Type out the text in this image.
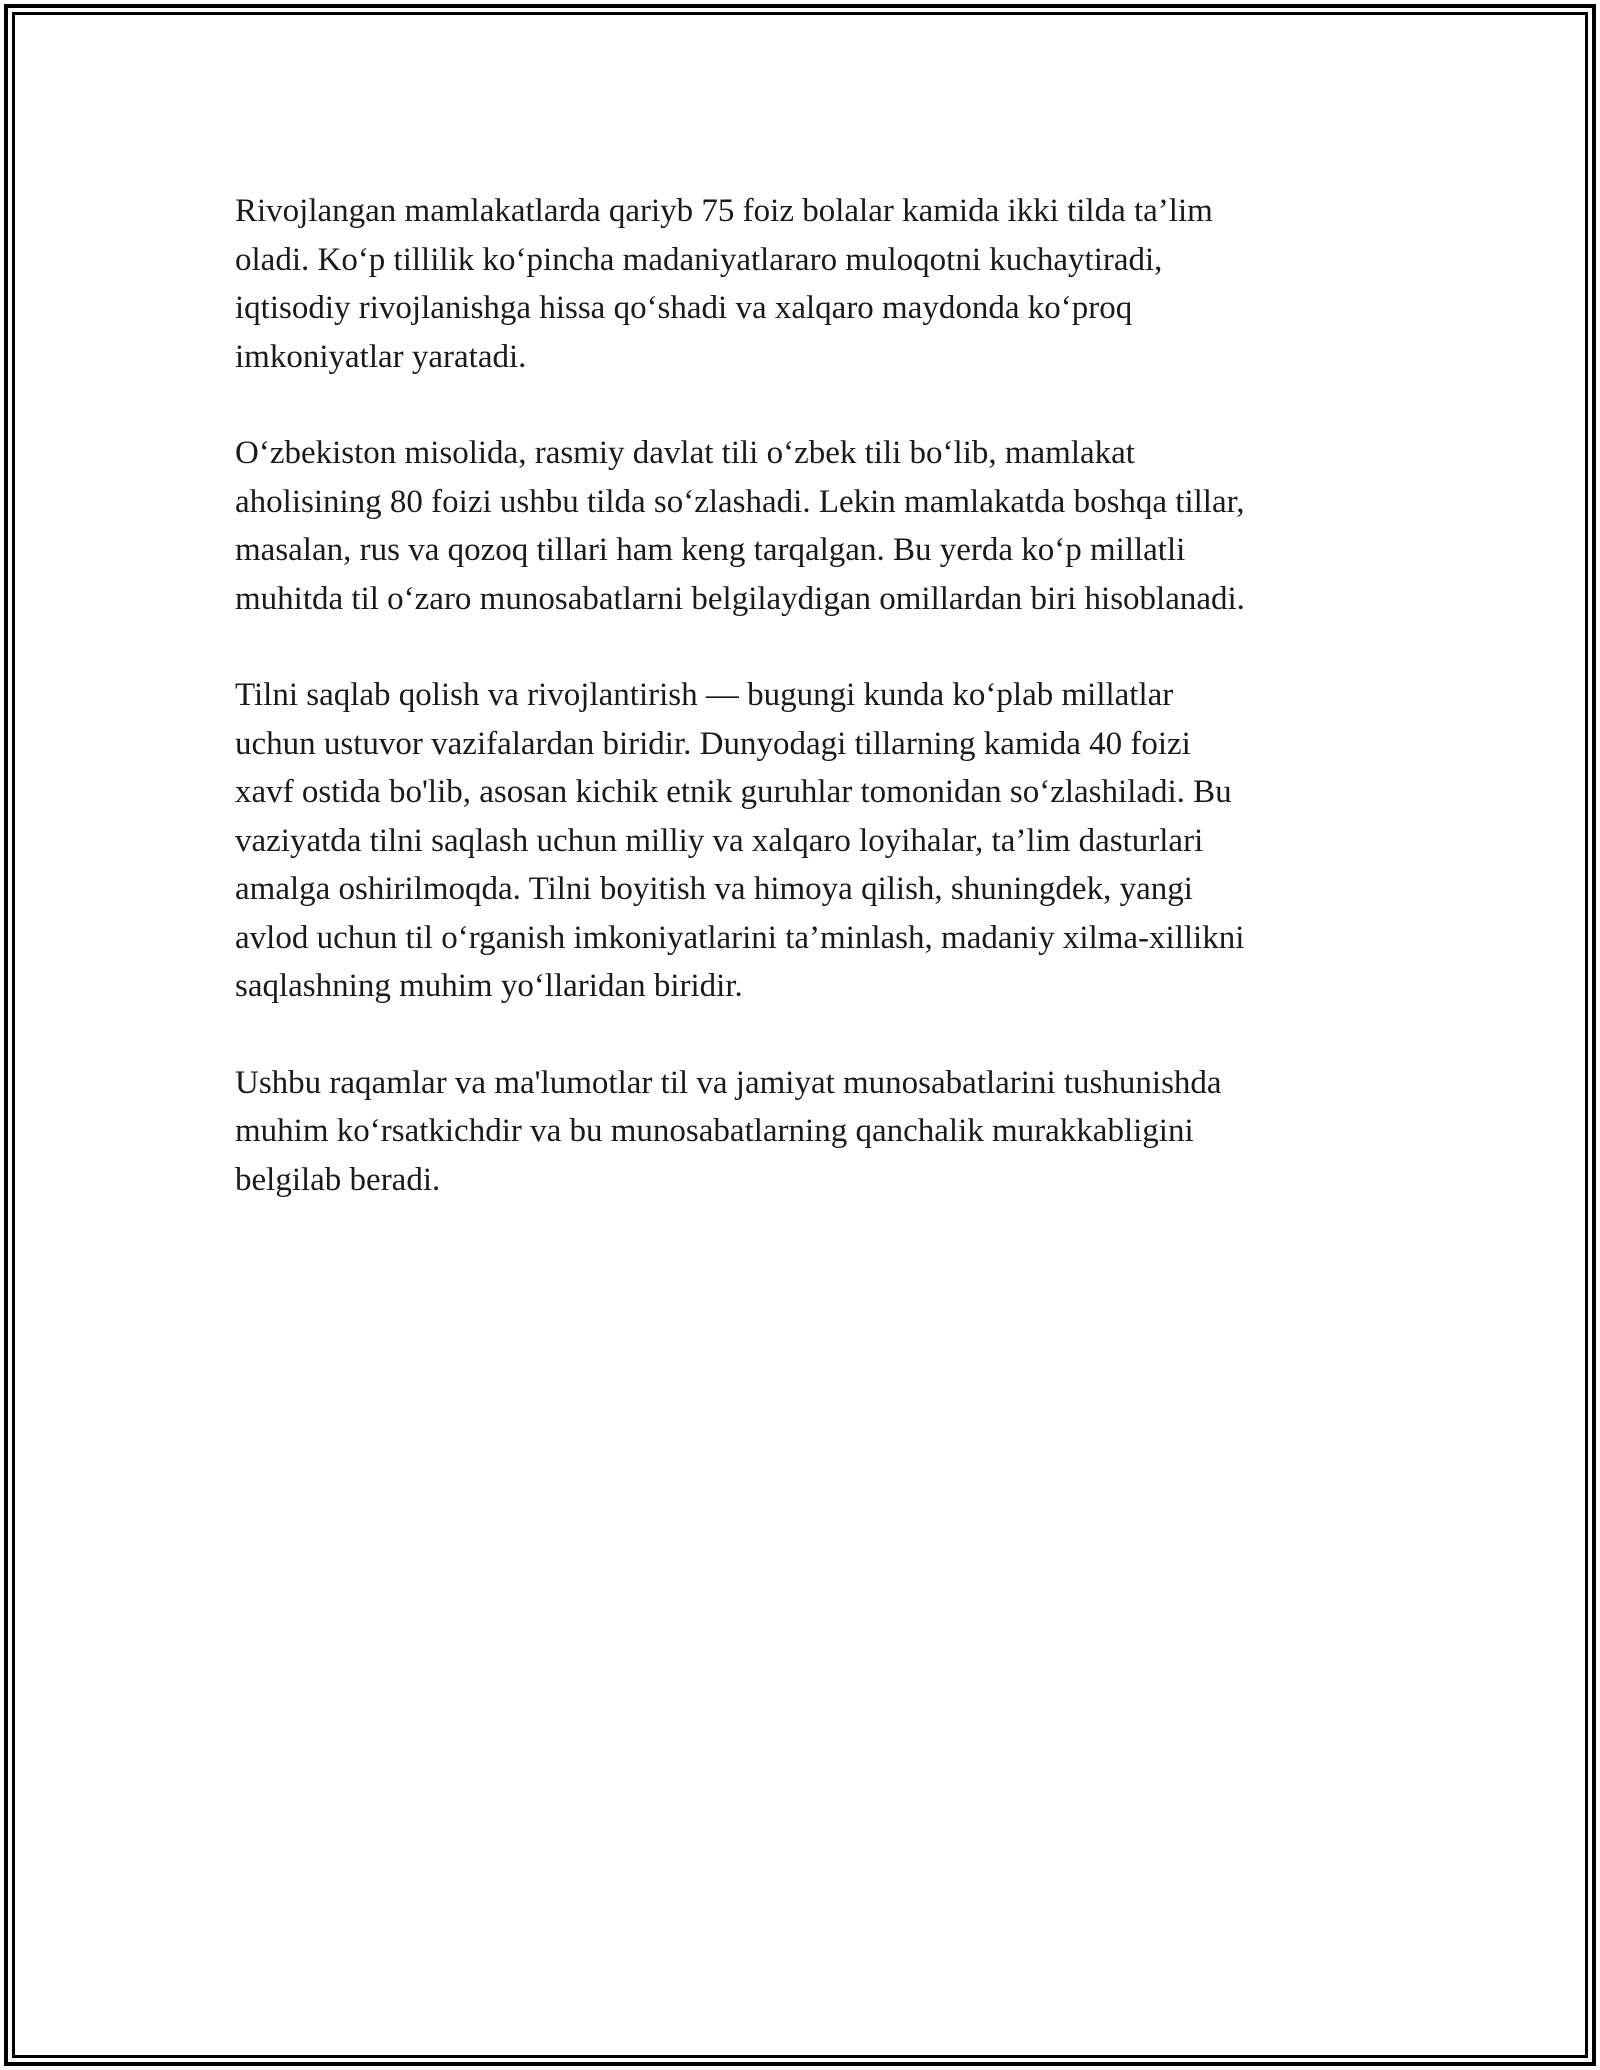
Rivojlangan mamlakatlarda qariyb 75 foiz bolalar kamida ikki tilda ta’lim
oladi. Ko‘p tillilik ko‘pincha madaniyatlararo muloqotni kuchaytiradi,
iqtisodiy rivojlanishga hissa qo‘shadi va xalqaro maydonda ko‘proq
imkoniyatlar yaratadi.

O‘zbekiston misolida, rasmiy davlat tili o‘zbek tili bo‘lib, mamlakat
aholisining 80 foizi ushbu tilda so‘zlashadi. Lekin mamlakatda boshqa tillar,
masalan, rus va qozoq tillari ham keng tarqalgan. Bu yerda ko‘p millatli
muhitda til o‘zaro munosabatlarni belgilaydigan omillardan biri hisoblanadi.

Tilni saqlab qolish va rivojlantirish — bugungi kunda ko‘plab millatlar
uchun ustuvor vazifalardan biridir. Dunyodagi tillarning kamida 40 foizi
xavf ostida bo'lib, asosan kichik etnik guruhlar tomonidan so‘zlashiladi. Bu
vaziyatda tilni saqlash uchun milliy va xalqaro loyihalar, ta’lim dasturlari
amalga oshirilmoqda. Tilni boyitish va himoya qilish, shuningdek, yangi
avlod uchun til o‘rganish imkoniyatlarini ta’minlash, madaniy xilma-xillikni
saqlashning muhim yo‘llaridan biridir.

Ushbu raqamlar va ma'lumotlar til va jamiyat munosabatlarini tushunishda
muhim ko‘rsatkichdir va bu munosabatlarning qanchalik murakkabligini
belgilab beradi.
